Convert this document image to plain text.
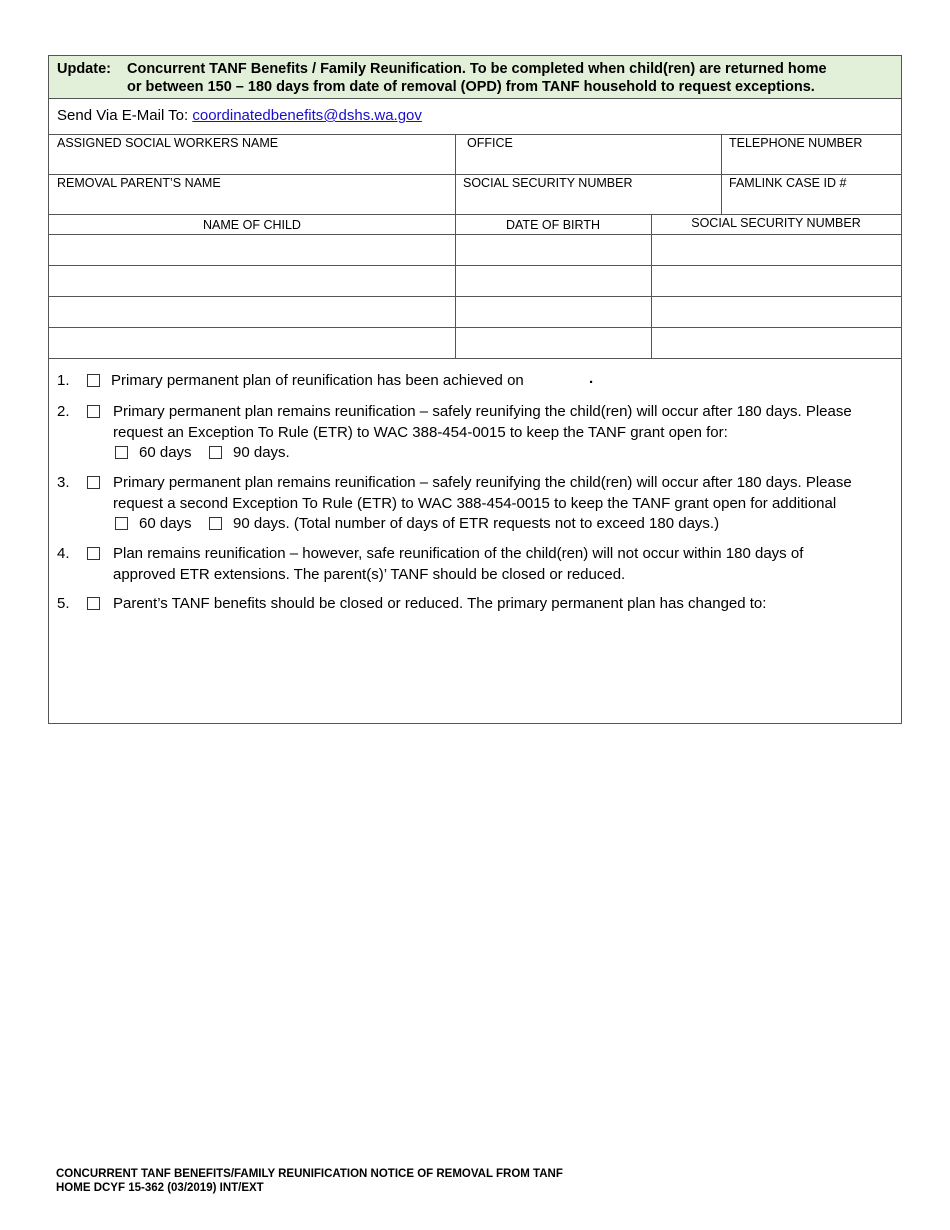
Update: Concurrent TANF Benefits / Family Reunification. To be completed when child(ren) are returned home
or between 150 – 180 days from date of removal (OPD) from TANF household to request exceptions.
Send Via E-Mail To: coordinatedbenefits@dshs.wa.gov
ASSIGNED SOCIAL WORKERS NAME	OFFICE	TELEPHONE NUMBER
REMOVAL PARENT’S NAME	SOCIAL SECURITY NUMBER	FAMLINK CASE ID #
NAME OF CHILD	DATE OF BIRTH	SOCIAL SECURITY NUMBER
1.	Primary permanent plan of reunification has been achieved on	.
2.	Primary permanent plan remains reunification – safely reunifying the child(ren) will occur after 180 days. Please
request an Exception To Rule (ETR) to WAC 388-454-0015 to keep the TANF grant open for:
60 days	90 days.
3.	Primary permanent plan remains reunification – safely reunifying the child(ren) will occur after 180 days. Please
request a second Exception To Rule (ETR) to WAC 388-454-0015 to keep the TANF grant open for additional
60 days	90 days. (Total number of days of ETR requests not to exceed 180 days.)
4.	Plan remains reunification – however, safe reunification of the child(ren) will not occur within 180 days of
approved ETR extensions. The parent(s)’ TANF should be closed or reduced.
5.	Parent’s TANF benefits should be closed or reduced. The primary permanent plan has changed to:
CONCURRENT TANF BENEFITS/FAMILY REUNIFICATION NOTICE OF REMOVAL FROM TANF
HOME DCYF 15-362 (03/2019) INT/EXT
